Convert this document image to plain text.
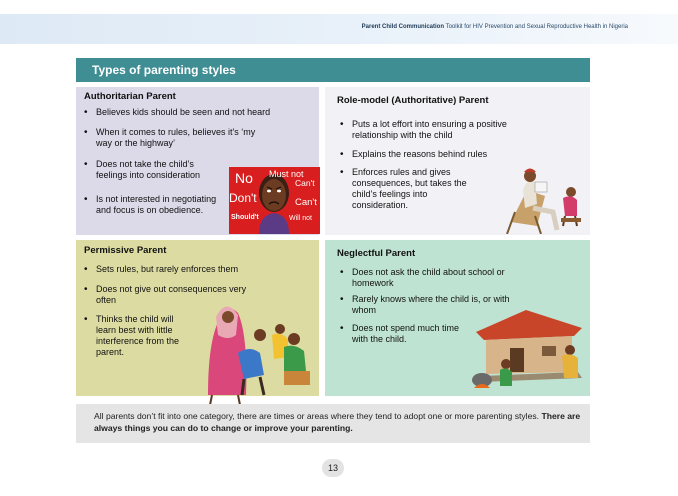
Parent Child Communication Toolkit for HIV Prevention and Sexual Reproductive Health in Nigeria
Types of parenting styles
Authoritarian Parent
• Believes kids should be seen and not heard
• When it comes to rules, believes it's ‘my way or the highway’
• Does not take the child’s feelings into consideration
• Is not interested in negotiating and focus is on obedience.
No Must not
Can't
Don't	Can't
Should't	Will not
Role-model (Authoritative) Parent
• Puts a lot effort into ensuring a positive relationship with the child
• Explains the reasons behind rules
• Enforces rules and gives consequences, but takes the child’s feelings into consideration.
Permissive Parent
• Sets rules, but rarely enforces them
• Does not give out consequences very often
• Thinks the child will learn best with little interference from the parent.
Neglectful Parent
• Does not ask the child about school or homework
• Rarely knows where the child is, or with whom
• Does not spend much time with the child.

All parents don’t fit into one category, there are times or areas where they tend to adopt one or more parenting styles. There are always things you can do to change or improve your parenting.

13
